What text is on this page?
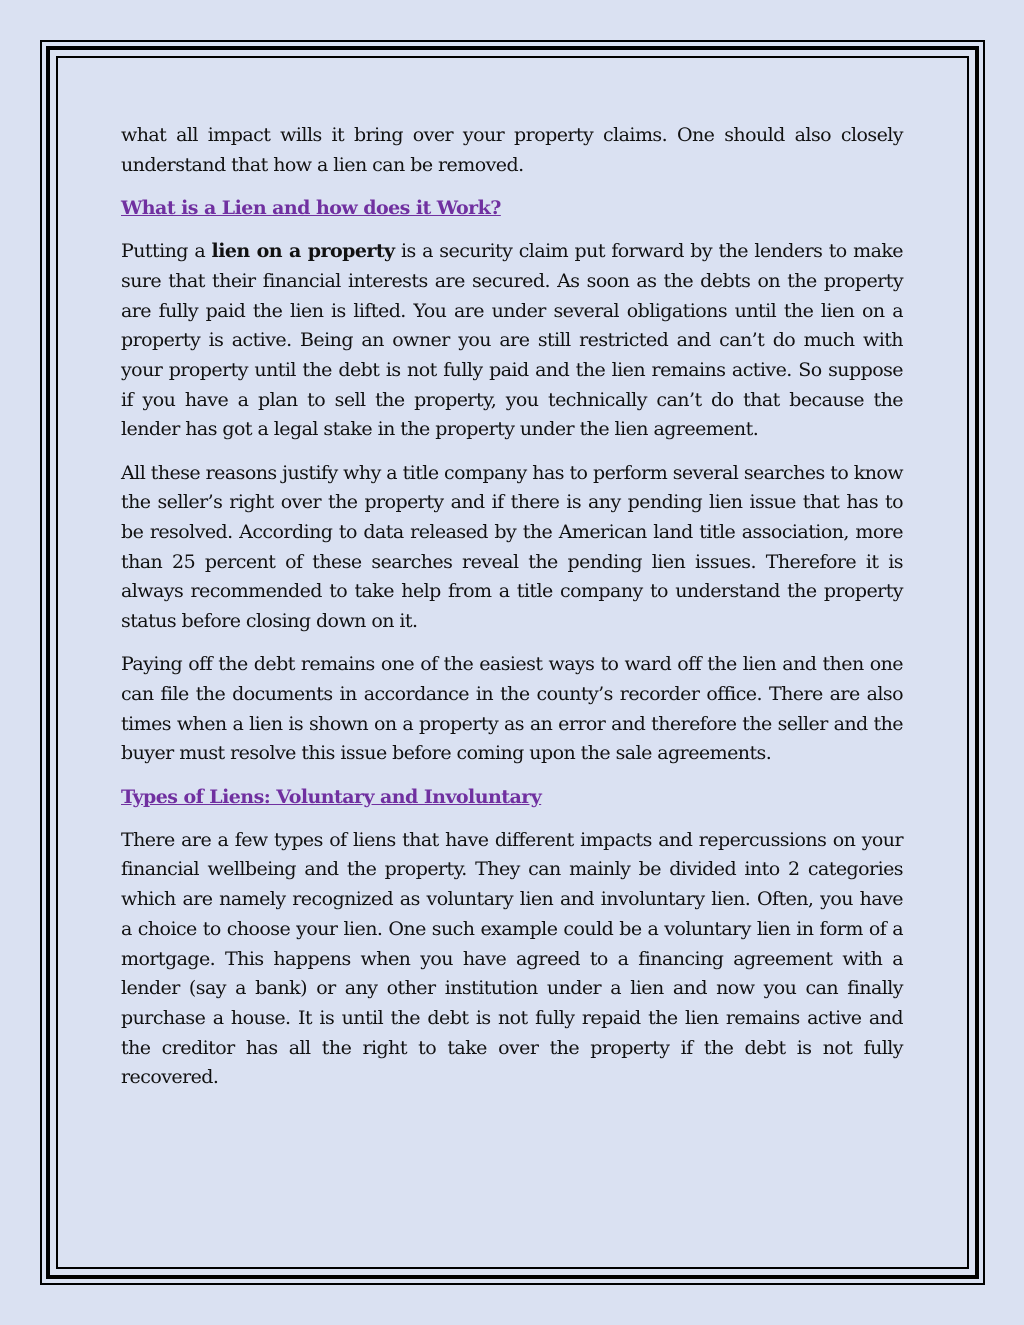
what all impact wills it bring over your property claims. One should also closely understand that how a lien can be removed.

What is a Lien and how does it Work?

Putting a lien on a property is a security claim put forward by the lenders to make sure that their financial interests are secured. As soon as the debts on the property are fully paid the lien is lifted. You are under several obligations until the lien on a property is active. Being an owner you are still restricted and can’t do much with your property until the debt is not fully paid and the lien remains active. So suppose if you have a plan to sell the property, you technically can’t do that because the lender has got a legal stake in the property under the lien agreement.

All these reasons justify why a title company has to perform several searches to know the seller’s right over the property and if there is any pending lien issue that has to be resolved. According to data released by the American land title association, more than 25 percent of these searches reveal the pending lien issues. Therefore it is always recommended to take help from a title company to understand the property status before closing down on it.

Paying off the debt remains one of the easiest ways to ward off the lien and then one can file the documents in accordance in the county’s recorder office. There are also times when a lien is shown on a property as an error and therefore the seller and the buyer must resolve this issue before coming upon the sale agreements.

Types of Liens: Voluntary and Involuntary

There are a few types of liens that have different impacts and repercussions on your financial wellbeing and the property. They can mainly be divided into 2 categories which are namely recognized as voluntary lien and involuntary lien. Often, you have a choice to choose your lien. One such example could be a voluntary lien in form of a mortgage. This happens when you have agreed to a financing agreement with a lender (say a bank) or any other institution under a lien and now you can finally purchase a house. It is until the debt is not fully repaid the lien remains active and the creditor has all the right to take over the property if the debt is not fully recovered.
